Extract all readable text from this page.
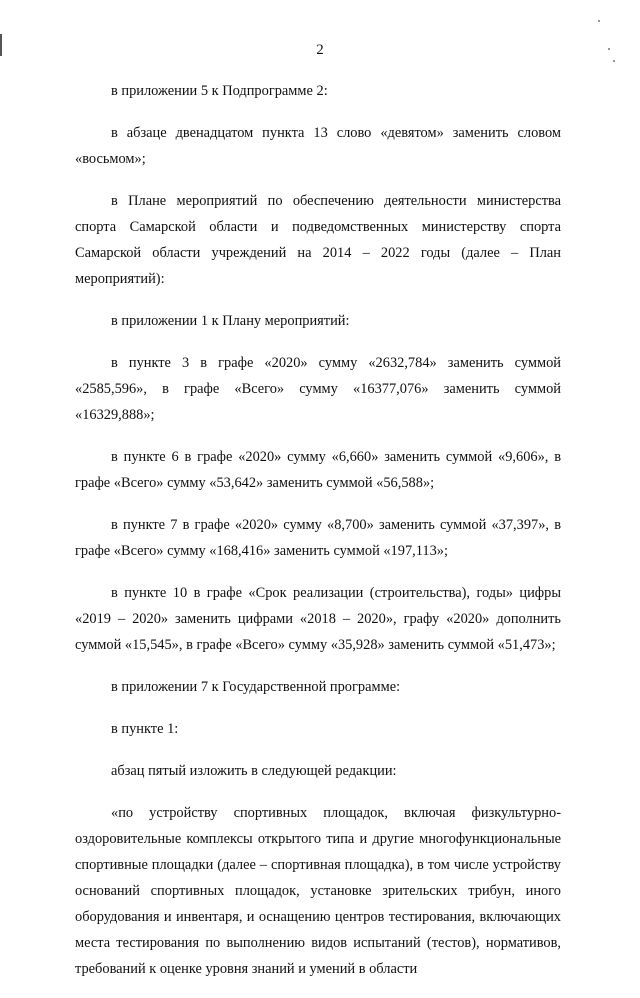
2

в приложении 5 к Подпрограмме 2:

в абзаце двенадцатом пункта 13 слово «девятом» заменить словом «восьмом»;

в Плане мероприятий по обеспечению деятельности министерства спорта Самарской области и подведомственных министерству спорта Самарской области учреждений на 2014 – 2022 годы (далее – План мероприятий):

в приложении 1 к Плану мероприятий:

в пункте 3 в графе «2020» сумму «2632,784» заменить суммой «2585,596», в графе «Всего» сумму «16377,076» заменить суммой «16329,888»;

в пункте 6 в графе «2020» сумму «6,660» заменить суммой «9,606», в графе «Всего» сумму «53,642» заменить суммой «56,588»;

в пункте 7 в графе «2020» сумму «8,700» заменить суммой «37,397», в графе «Всего» сумму «168,416» заменить суммой «197,113»;

в пункте 10 в графе «Срок реализации (строительства), годы» цифры «2019 – 2020» заменить цифрами «2018 – 2020», графу «2020» дополнить суммой «15,545», в графе «Всего» сумму «35,928» заменить суммой «51,473»;

в приложении 7 к Государственной программе:

в пункте 1:

абзац пятый изложить в следующей редакции:

«по устройству спортивных площадок, включая физкультурно-оздоровительные комплексы открытого типа и другие многофункциональные спортивные площадки (далее – спортивная площадка), в том числе устройству оснований спортивных площадок, установке зрительских трибун, иного оборудования и инвентаря, и оснащению центров тестирования, включающих места тестирования по выполнению видов испытаний (тестов), нормативов, требований к оценке уровня знаний и умений в области
